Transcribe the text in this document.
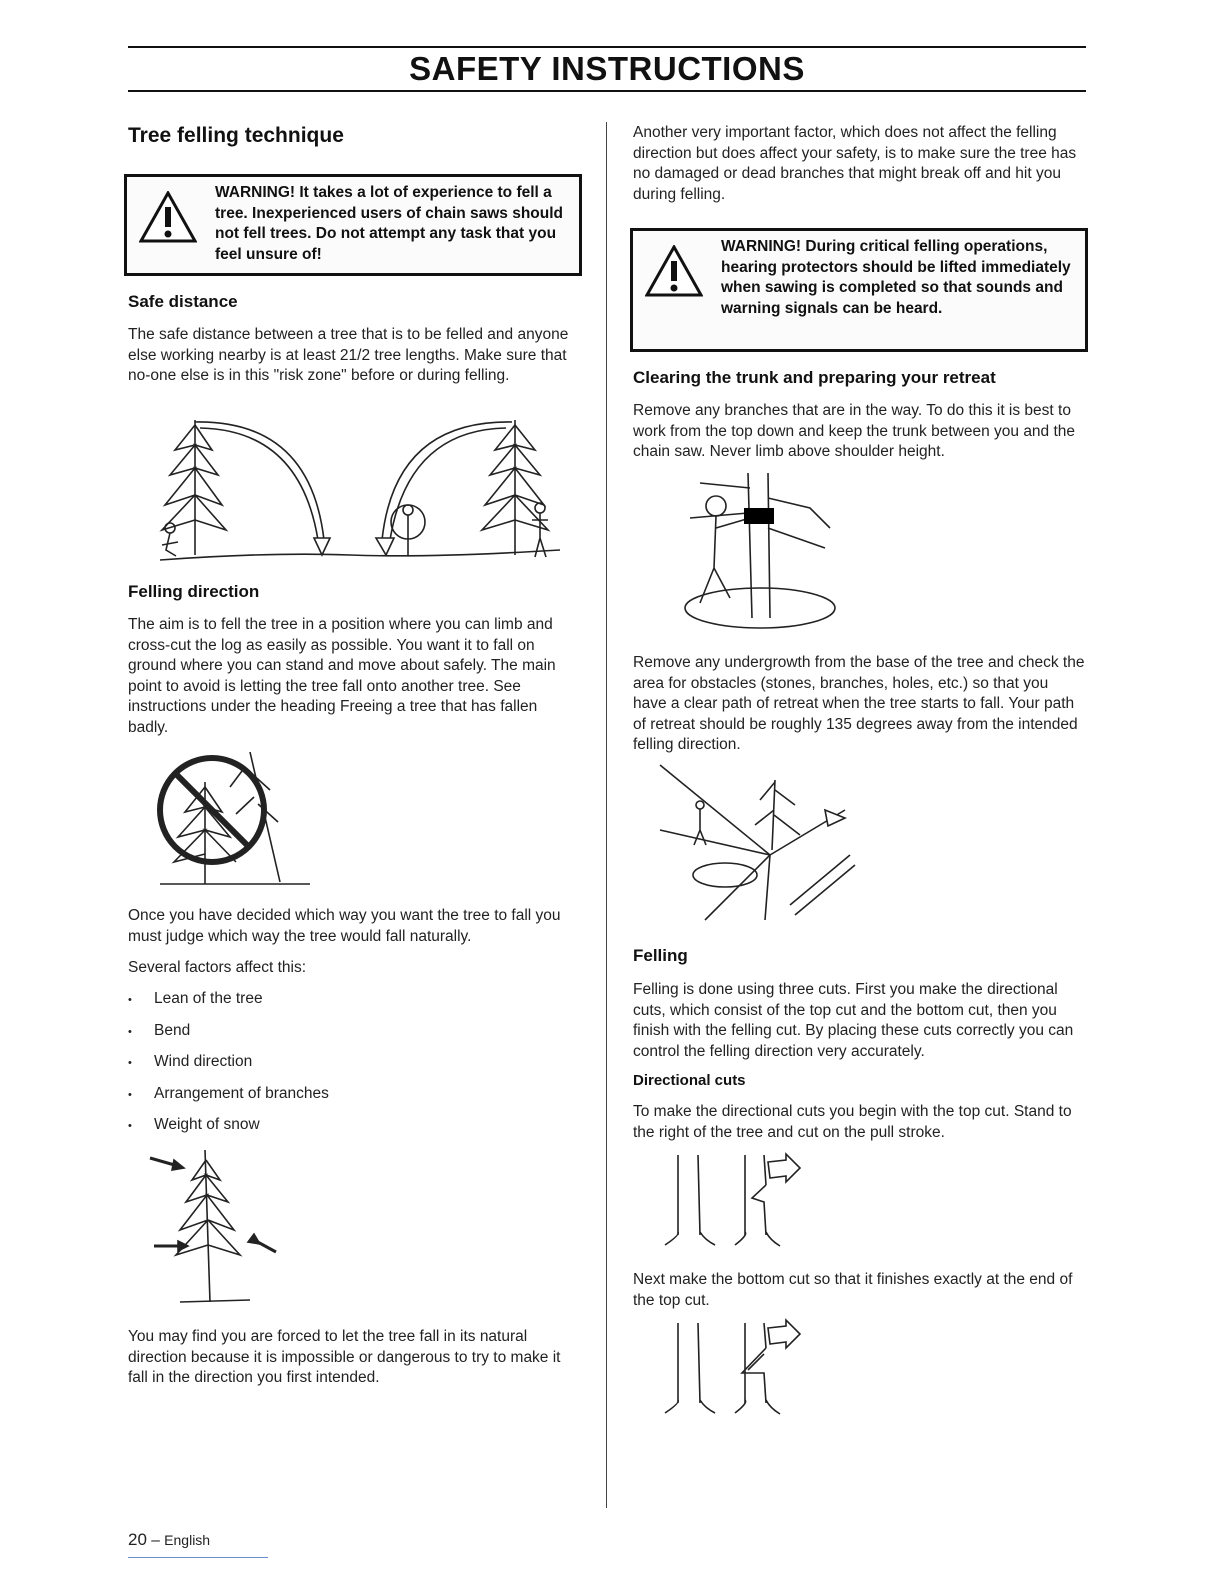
SAFETY INSTRUCTIONS
Tree felling technique
WARNING! It takes a lot of experience to fell a tree. Inexperienced users of chain saws should not fell trees. Do not attempt any task that you feel unsure of!
Safe distance
The safe distance between a tree that is to be felled and anyone else working nearby is at least 21/2 tree lengths. Make sure that no-one else is in this "risk zone" before or during felling.
Felling direction
The aim is to fell the tree in a position where you can limb and cross-cut the log as easily as possible. You want it to fall on ground where you can stand and move about safely. The main point to avoid is letting the tree fall onto another tree. See instructions under the heading Freeing a tree that has fallen badly.
Once you have decided which way you want the tree to fall you must judge which way the tree would fall naturally.
Several factors affect this:
• Lean of the tree
• Bend
• Wind direction
• Arrangement of branches
• Weight of snow
You may find you are forced to let the tree fall in its natural direction because it is impossible or dangerous to try to make it fall in the direction you first intended.
Another very important factor, which does not affect the felling direction but does affect your safety, is to make sure the tree has no damaged or dead branches that might break off and hit you during felling.
WARNING! During critical felling operations, hearing protectors should be lifted immediately when sawing is completed so that sounds and warning signals can be heard.
Clearing the trunk and preparing your retreat
Remove any branches that are in the way. To do this it is best to work from the top down and keep the trunk between you and the chain saw. Never limb above shoulder height.
Remove any undergrowth from the base of the tree and check the area for obstacles (stones, branches, holes, etc.) so that you have a clear path of retreat when the tree starts to fall. Your path of retreat should be roughly 135 degrees away from the intended felling direction.
Felling
Felling is done using three cuts. First you make the directional cuts, which consist of the top cut and the bottom cut, then you finish with the felling cut. By placing these cuts correctly you can control the felling direction very accurately.
Directional cuts
To make the directional cuts you begin with the top cut. Stand to the right of the tree and cut on the pull stroke.
Next make the bottom cut so that it finishes exactly at the end of the top cut.
20 – English
